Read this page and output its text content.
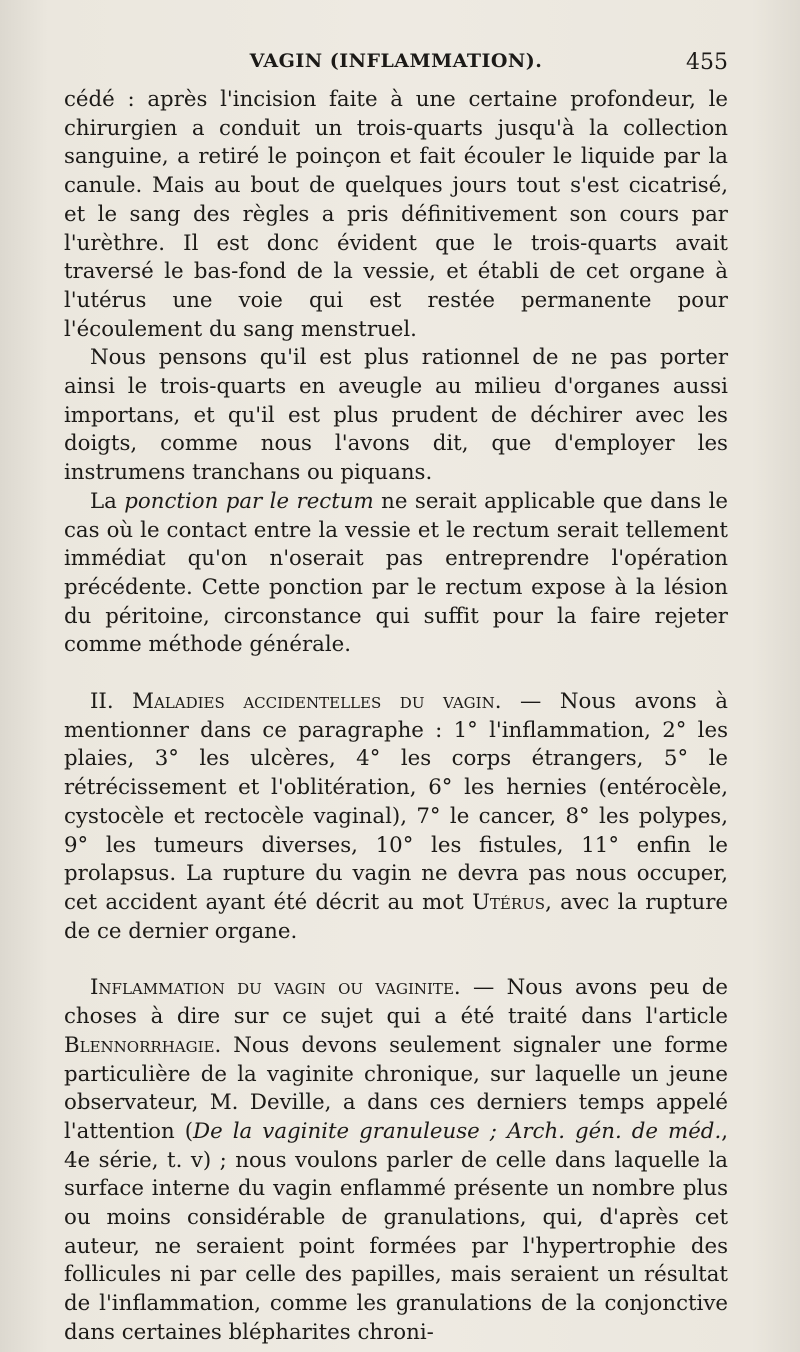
VAGIN (INFLAMMATION).	455

cédé : après l'incision faite à une certaine profondeur, le chirurgien a conduit un trois-quarts jusqu'à la collection sanguine, a retiré le poinçon et fait écouler le liquide par la canule. Mais au bout de quelques jours tout s'est cicatrisé, et le sang des règles a pris définitivement son cours par l'urèthre. Il est donc évident que le trois-quarts avait traversé le bas-fond de la vessie, et établi de cet organe à l'utérus une voie qui est restée permanente pour l'écoulement du sang menstruel.

Nous pensons qu'il est plus rationnel de ne pas porter ainsi le trois-quarts en aveugle au milieu d'organes aussi importans, et qu'il est plus prudent de déchirer avec les doigts, comme nous l'avons dit, que d'employer les instrumens tranchans ou piquans.

La ponction par le rectum ne serait applicable que dans le cas où le contact entre la vessie et le rectum serait tellement immédiat qu'on n'oserait pas entreprendre l'opération précédente. Cette ponction par le rectum expose à la lésion du péritoine, circonstance qui suffit pour la faire rejeter comme méthode générale.

II. Maladies accidentelles du vagin. — Nous avons à mentionner dans ce paragraphe : 1° l'inflammation, 2° les plaies, 3° les ulcères, 4° les corps étrangers, 5° le rétrécissement et l'oblitération, 6° les hernies (entérocèle, cystocèle et rectocèle vaginal), 7° le cancer, 8° les polypes, 9° les tumeurs diverses, 10° les fistules, 11° enfin le prolapsus. La rupture du vagin ne devra pas nous occuper, cet accident ayant été décrit au mot Utérus, avec la rupture de ce dernier organe.

Inflammation du vagin ou vaginite. — Nous avons peu de choses à dire sur ce sujet qui a été traité dans l'article Blennorrhagie. Nous devons seulement signaler une forme particulière de la vaginite chronique, sur laquelle un jeune observateur, M. Deville, a dans ces derniers temps appelé l'attention (De la vaginite granuleuse ; Arch. gén. de méd., 4e série, t. v) ; nous voulons parler de celle dans laquelle la surface interne du vagin enflammé présente un nombre plus ou moins considérable de granulations, qui, d'après cet auteur, ne seraient point formées par l'hypertrophie des follicules ni par celle des papilles, mais seraient un résultat de l'inflammation, comme les granulations de la conjonctive dans certaines blépharites chroni-
